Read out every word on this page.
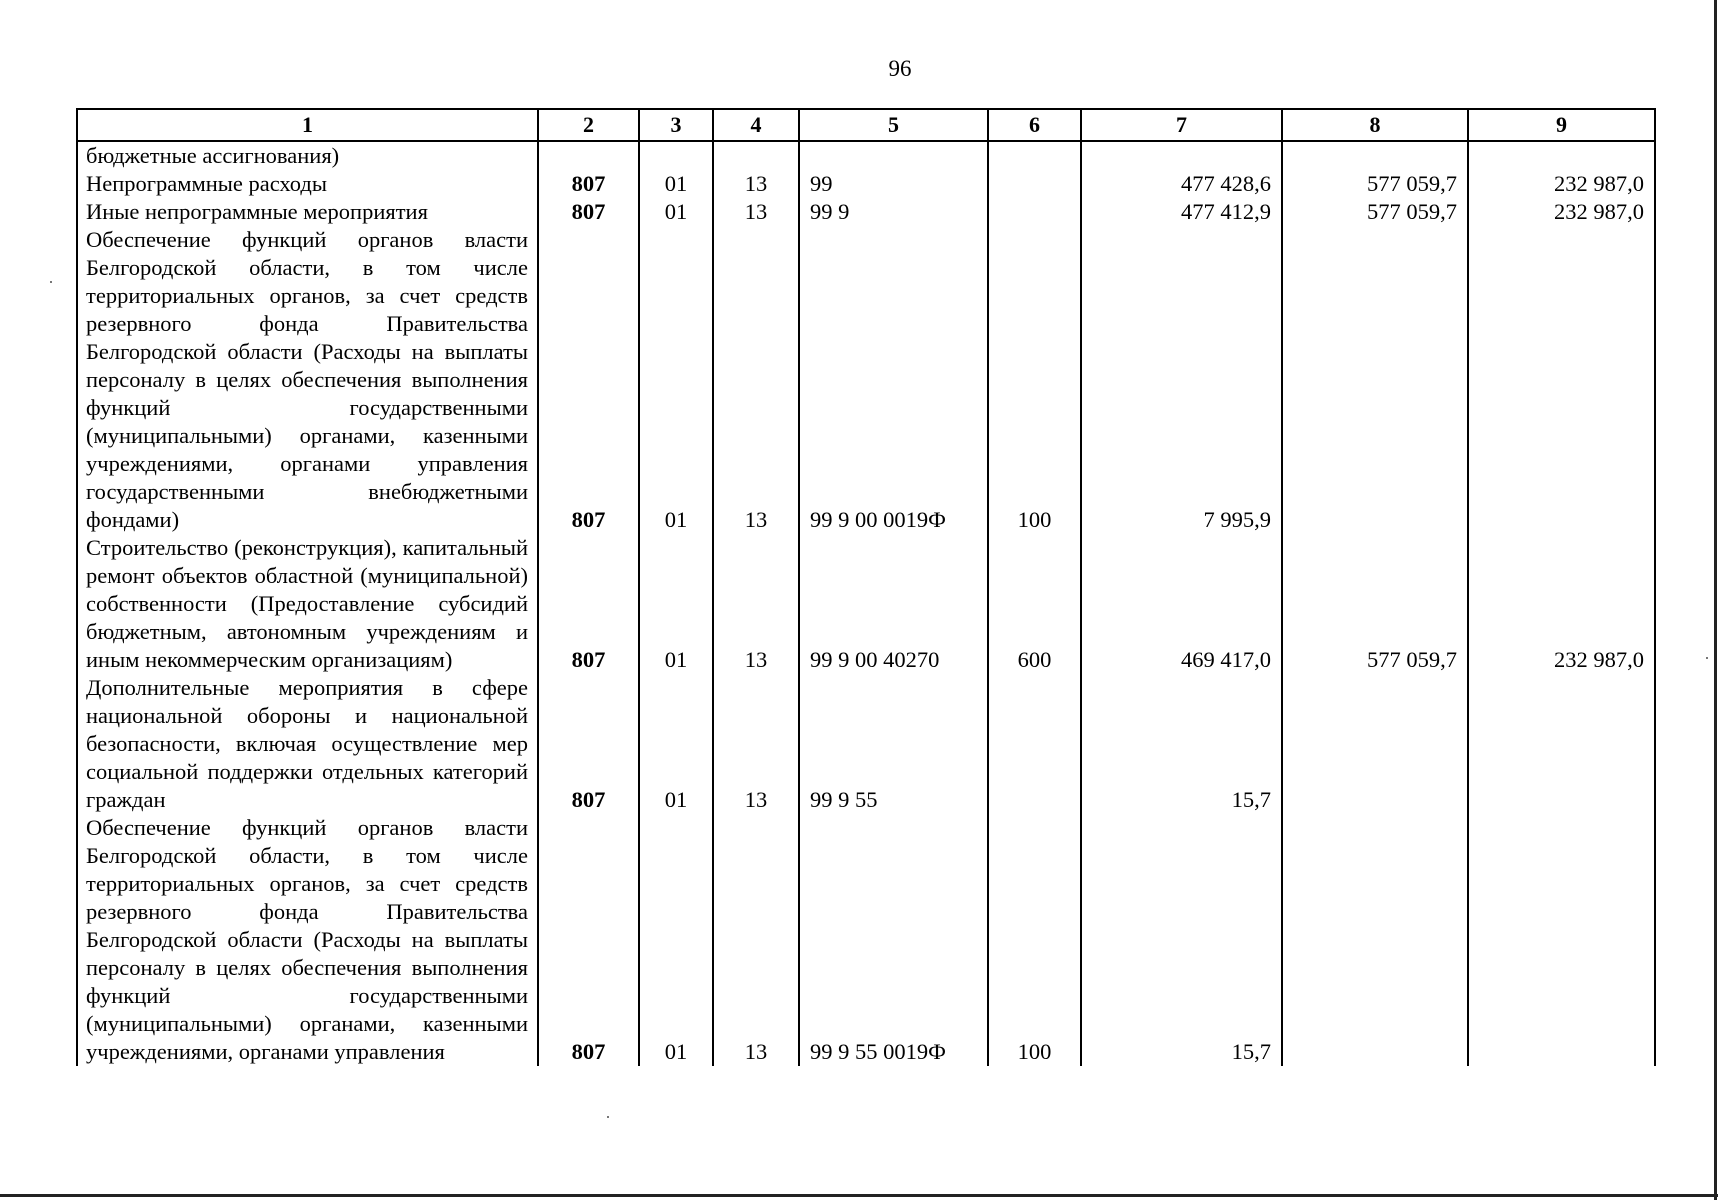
96
1	2	3	4	5	6	7	8	9
бюджетные ассигнования)								
Непрограммные расходы	807	01	13	99		477 428,6	577 059,7	232 987,0
Иные непрограммные мероприятия	807	01	13	99 9		477 412,9	577 059,7	232 987,0
Обеспечение функций органов власти Белгородской области, в том числе территориальных органов, за счет средств резервного фонда Правительства Белгородской области (Расходы на выплаты персоналу в целях обеспечения выполнения функций государственными (муниципальными) органами, казенными учреждениями, органами управления государственными внебюджетными фондами)	807	01	13	99 9 00 0019Ф	100	7 995,9		
Строительство (реконструкция), капитальный ремонт объектов областной (муниципальной) собственности (Предоставление субсидий бюджетным, автономным учреждениям и иным некоммерческим организациям)	807	01	13	99 9 00 40270	600	469 417,0	577 059,7	232 987,0
Дополнительные мероприятия в сфере национальной обороны и национальной безопасности, включая осуществление мер социальной поддержки отдельных категорий граждан	807	01	13	99 9 55		15,7		
Обеспечение функций органов власти Белгородской области, в том числе территориальных органов, за счет средств резервного фонда Правительства Белгородской области (Расходы на выплаты персоналу в целях обеспечения выполнения функций государственными (муниципальными) органами, казенными учреждениями, органами управления	807	01	13	99 9 55 0019Ф	100	15,7		
